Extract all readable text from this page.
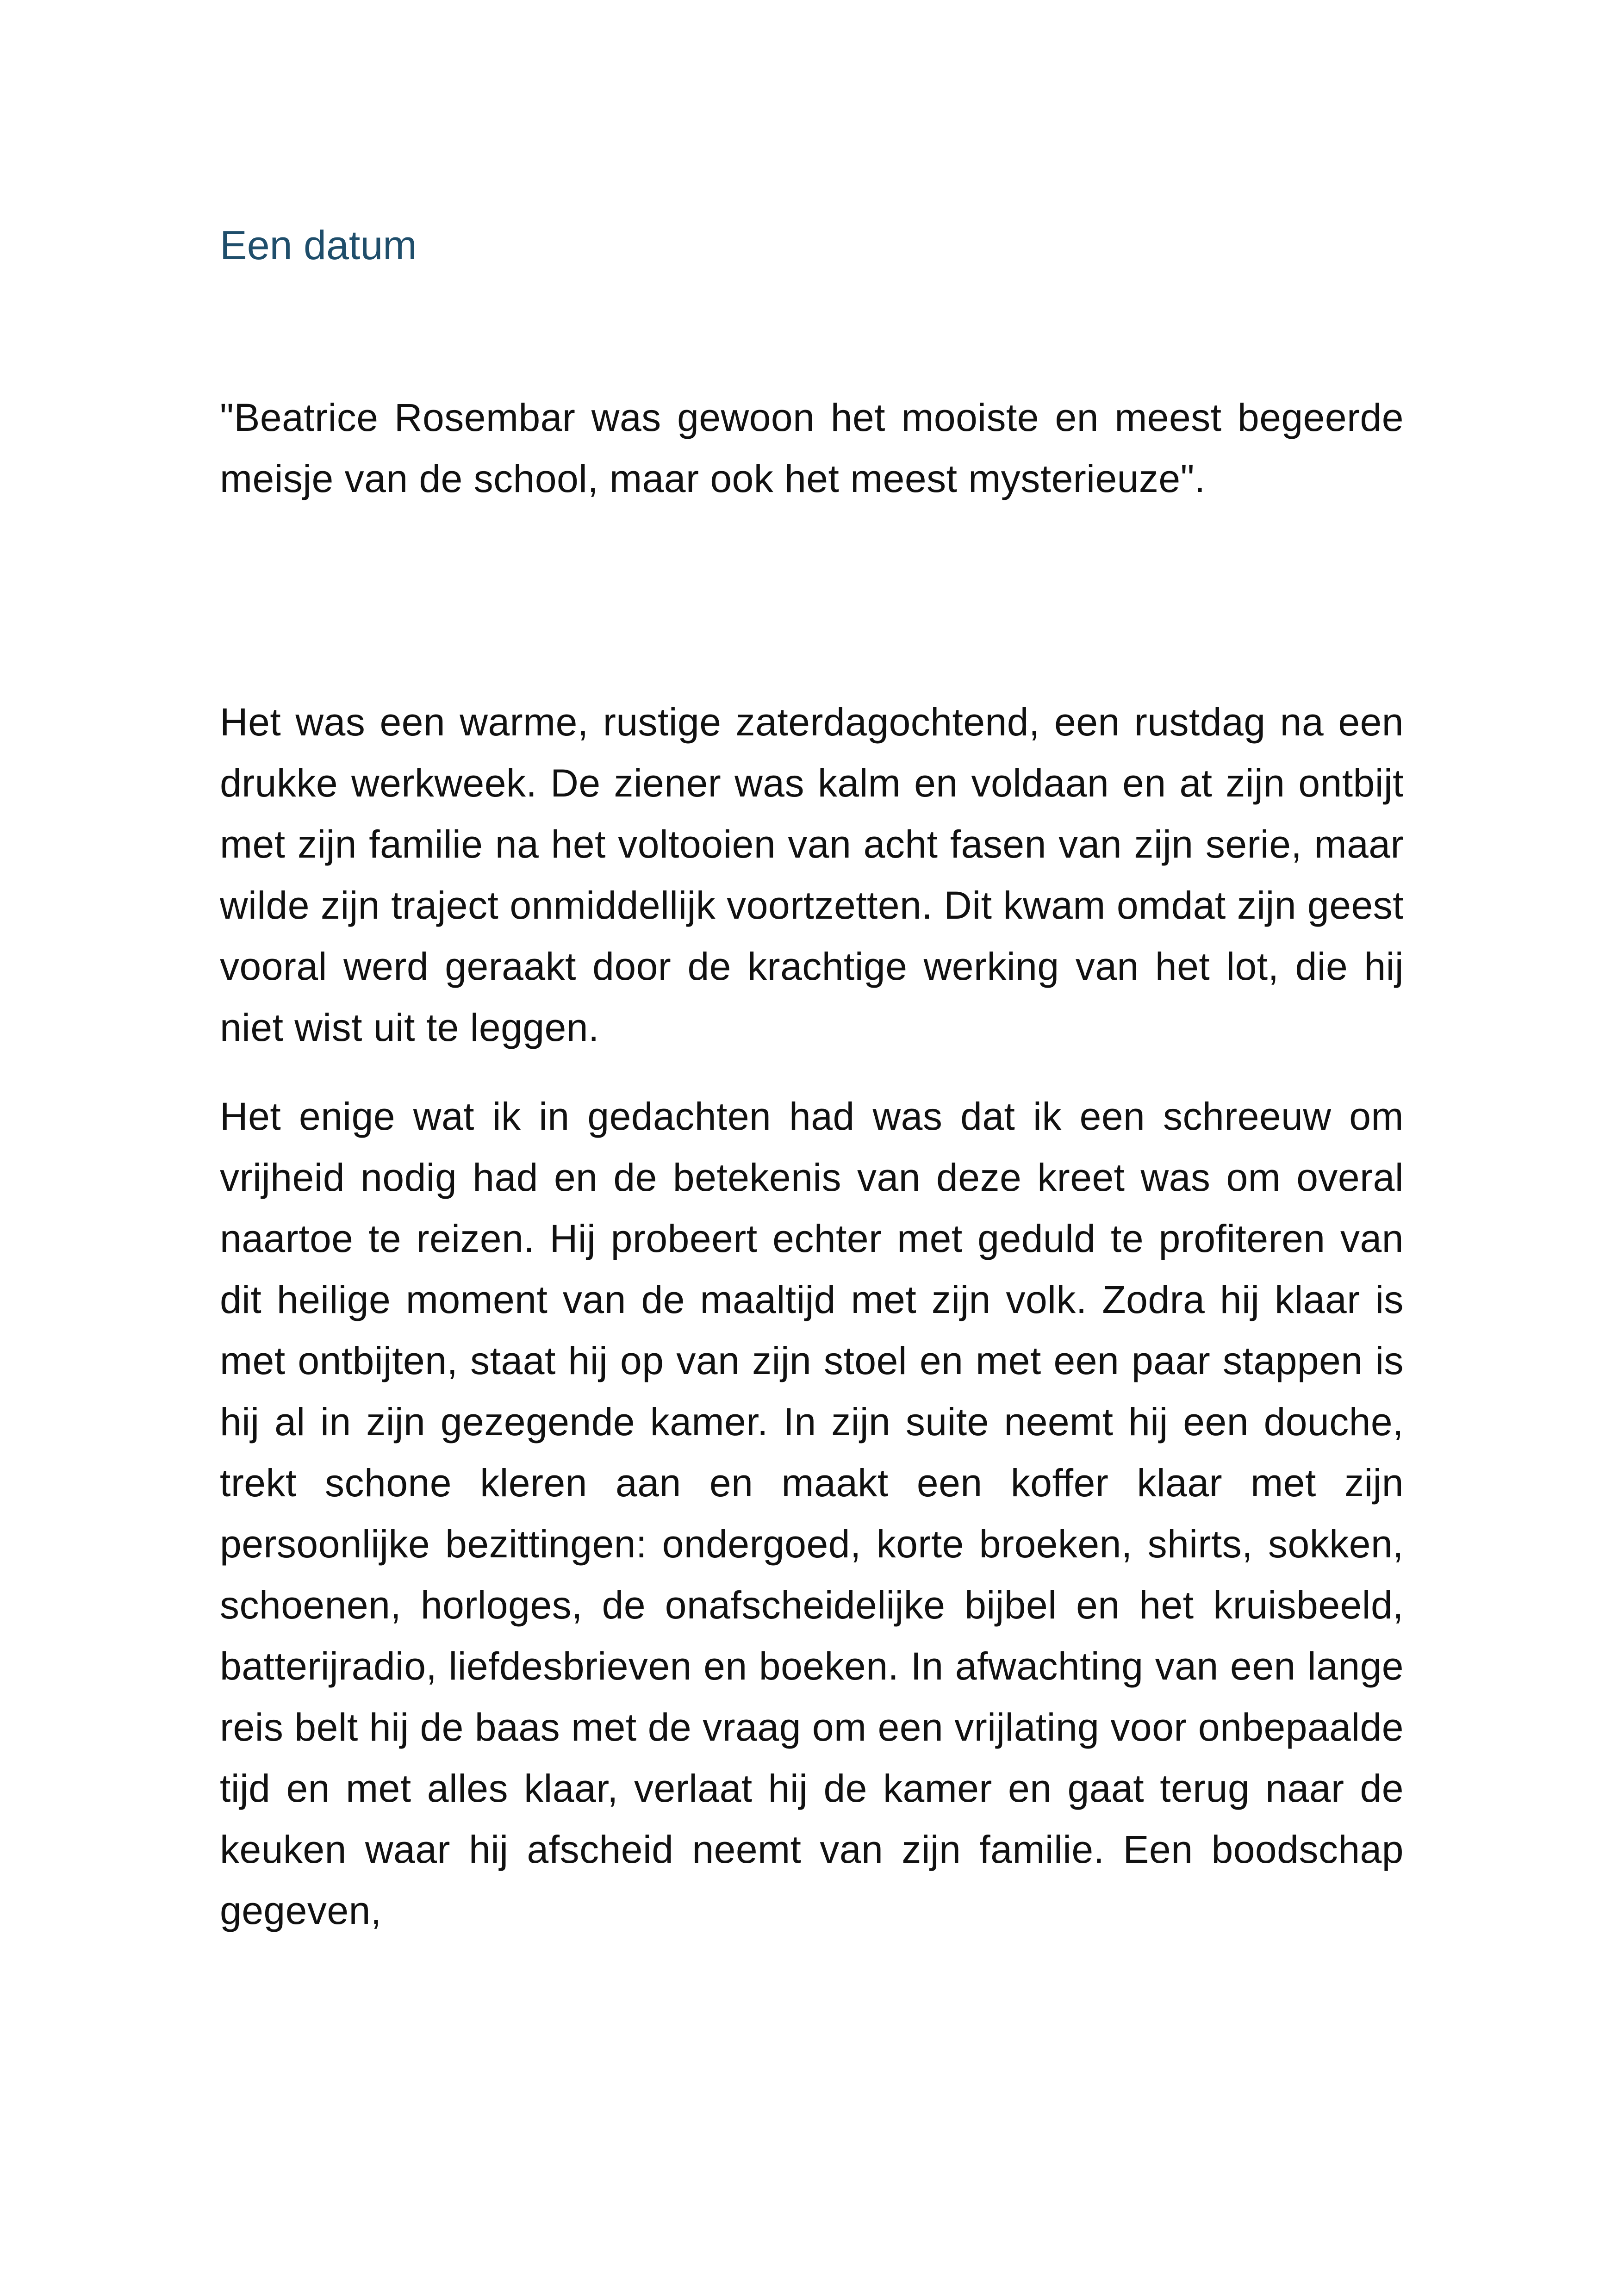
Een datum

"Beatrice Rosembar was gewoon het mooiste en meest begeerde meisje van de school, maar ook het meest mysterieuze".

Het was een warme, rustige zaterdagochtend, een rustdag na een drukke werkweek. De ziener was kalm en voldaan en at zijn ontbijt met zijn familie na het voltooien van acht fasen van zijn serie, maar wilde zijn traject onmiddellijk voortzetten. Dit kwam omdat zijn geest vooral werd geraakt door de krachtige werking van het lot, die hij niet wist uit te leggen.

Het enige wat ik in gedachten had was dat ik een schreeuw om vrijheid nodig had en de betekenis van deze kreet was om overal naartoe te reizen. Hij probeert echter met geduld te profiteren van dit heilige moment van de maaltijd met zijn volk. Zodra hij klaar is met ontbijten, staat hij op van zijn stoel en met een paar stappen is hij al in zijn gezegende kamer. In zijn suite neemt hij een douche, trekt schone kleren aan en maakt een koffer klaar met zijn persoonlijke bezittingen: ondergoed, korte broeken, shirts, sokken, schoenen, horloges, de onafscheidelijke bijbel en het kruisbeeld, batterijradio, liefdesbrieven en boeken. In afwachting van een lange reis belt hij de baas met de vraag om een vrijlating voor onbepaalde tijd en met alles klaar, verlaat hij de kamer en gaat terug naar de keuken waar hij afscheid neemt van zijn familie. Een boodschap gegeven,
